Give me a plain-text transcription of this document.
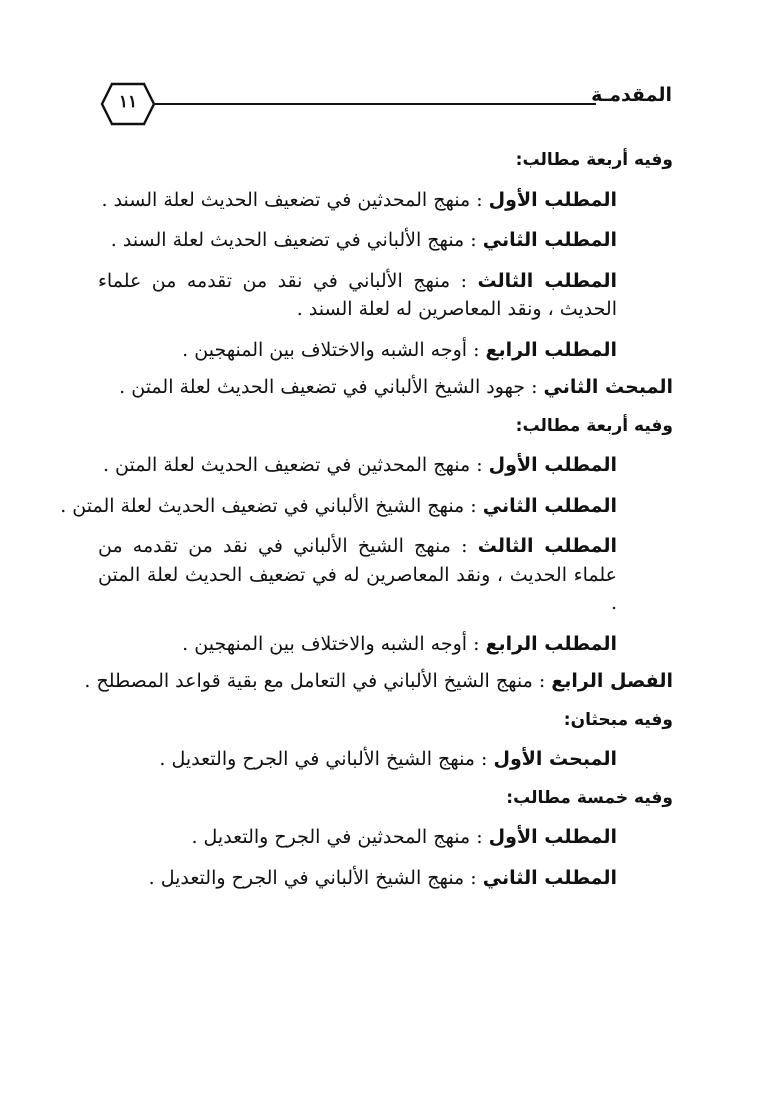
١١	المقدمـة
وفيه أربعة مطالب:
المطلب الأول : منهج المحدثين في تضعيف الحديث لعلة السند .
المطلب الثاني : منهج الألباني في تضعيف الحديث لعلة السند .
المطلب الثالث : منهج الألباني في نقد من تقدمه من علماء الحديث ، ونقد المعاصرين له لعلة السند .
المطلب الرابع : أوجه الشبه والاختلاف بين المنهجين .
المبحث الثاني : جهود الشيخ الألباني في تضعيف الحديث لعلة المتن .
وفيه أربعة مطالب:
المطلب الأول : منهج المحدثين في تضعيف الحديث لعلة المتن .
المطلب الثاني : منهج الشيخ الألباني في تضعيف الحديث لعلة المتن .
المطلب الثالث : منهج الشيخ الألباني في نقد من تقدمه من علماء الحديث ، ونقد المعاصرين له في تضعيف الحديث لعلة المتن .
المطلب الرابع : أوجه الشبه والاختلاف بين المنهجين .
الفصل الرابع : منهج الشيخ الألباني في التعامل مع بقية قواعد المصطلح .
وفيه مبحثان:
المبحث الأول : منهج الشيخ الألباني في الجرح والتعديل .
وفيه خمسة مطالب:
المطلب الأول : منهج المحدثين في الجرح والتعديل .
المطلب الثاني : منهج الشيخ الألباني في الجرح والتعديل .
